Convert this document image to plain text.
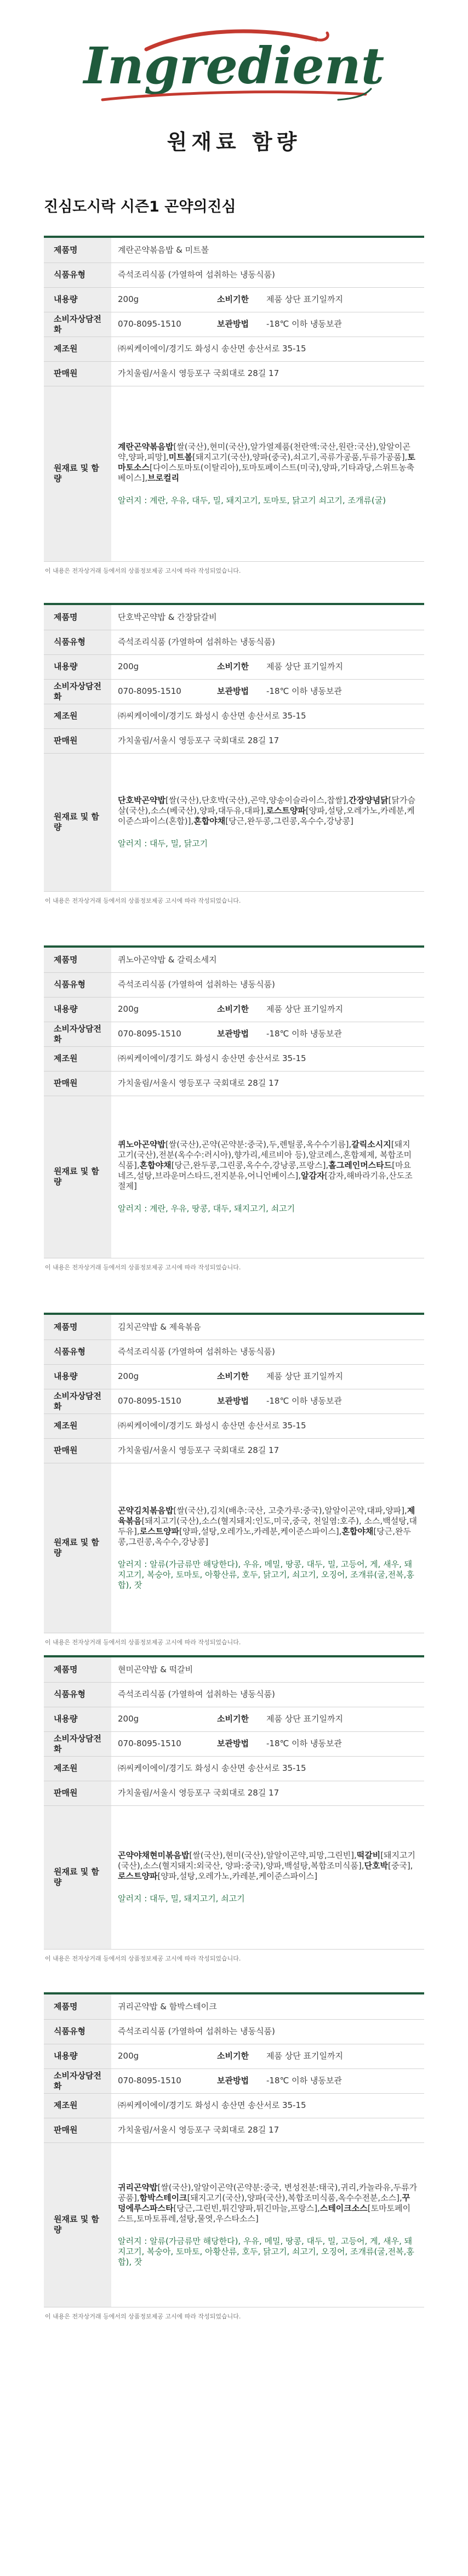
Ingredient
원재료 함량
진심도시락 시즌1 곤약의진심
제품명	계란곤약볶음밥 & 미트볼		
식품유형	즉석조리식품 (가열하여 섭취하는 냉동식품)		
내용량	200g	소비기한	제품 상단 표기일까지
소비자상담전화	070-8095-1510	보관방법	-18℃ 이하 냉동보관
제조원	㈜씨케이에이/경기도 화성시 송산면 송산서로 35-15		
판매원	가치울림/서울시 영등포구 국회대로 28길 17		
원재료 및 함량	계란곤약볶음밥[쌀(국산),현미(국산),알가열제품(천란액:국산,원란:국산),알알이곤약,양파,피망],미트볼[돼지고기(국산),양파(중국),쇠고기,곡류가공품,두류가공품],토마토소스[다이스토마토(이탈리아),토마토페이스트(미국),양파,기타과당,스위트농축베이스],브로컬리
알러지 : 계란, 우유, 대두, 밀, 돼지고기, 토마토, 닭고기 쇠고기, 조개류(굴)		
이 내용은 전자상거래 등에서의 상품정보제공 고시에 따라 작성되었습니다.
제품명	단호박곤약밥 & 간장닭갈비		
식품유형	즉석조리식품 (가열하여 섭취하는 냉동식품)		
내용량	200g	소비기한	제품 상단 표기일까지
소비자상담전화	070-8095-1510	보관방법	-18℃ 이하 냉동보관
제조원	㈜씨케이에이/경기도 화성시 송산면 송산서로 35-15		
판매원	가치울림/서울시 영등포구 국회대로 28길 17		
원재료 및 함량	단호박곤약밥[쌀(국산),단호박(국산),곤약,양송이슬라이스,찹쌀],간장양념닭[닭가슴살(국산),소스(베국산),양파,대두유,대파],로스트양파[양파,설탕,오레가노,카레분,케이준스파이스(혼합)],혼합야채[당근,완두콩,그린콩,옥수수,강낭콩]
알러지 : 대두, 밀, 닭고기		
이 내용은 전자상거래 등에서의 상품정보제공 고시에 따라 작성되었습니다.
제품명	퀴노아곤약밥 & 갈릭소세지		
식품유형	즉석조리식품 (가열하여 섭취하는 냉동식품)		
내용량	200g	소비기한	제품 상단 표기일까지
소비자상담전화	070-8095-1510	보관방법	-18℃ 이하 냉동보관
제조원	㈜씨케이에이/경기도 화성시 송산면 송산서로 35-15		
판매원	가치울림/서울시 영등포구 국회대로 28길 17		
원재료 및 함량	퀴노아곤약밥[쌀(국산),곤약(곤약분:중국),두,렌틸콩,옥수수기름],갈릭소시지[돼지고기(국산),전분(옥수수:러시아),향가리,세르비아 등),알코레스,혼합제제, 복합조미식품],혼합야채[당근,완두콩,그린콩,옥수수,강낭콩,프랑스],홀그레인머스타드[마요네즈,설탕,브라운머스타드,전지분유,어니언베이스],알감자[감자,해바라기유,산도조절제]
알러지 : 계란, 우유, 땅콩, 대두, 돼지고기, 쇠고기		
이 내용은 전자상거래 등에서의 상품정보제공 고시에 따라 작성되었습니다.
제품명	김치곤약밥 & 제육볶음		
식품유형	즉석조리식품 (가열하여 섭취하는 냉동식품)		
내용량	200g	소비기한	제품 상단 표기일까지
소비자상담전화	070-8095-1510	보관방법	-18℃ 이하 냉동보관
제조원	㈜씨케이에이/경기도 화성시 송산면 송산서로 35-15		
판매원	가치울림/서울시 영등포구 국회대로 28길 17		
원재료 및 함량	곤약김치볶음밥[쌀(국산),김치(배추:국산, 고춧가루:중국),알알이곤약,대파,양파],제육볶음[돼지고기(국산),소스(혈지돼지:인도,미국,중국, 천일염:호주), 소스,백설탕,대두유],로스트양파[양파,설탕,오레가노,카레분,케이준스파이스],혼합야채[당근,완두콩,그린콩,옥수수,강낭콩]
알러지 : 알류(가금류만 해당한다), 우유, 메밀, 땅콩, 대두, 밀, 고등어, 게, 새우, 돼지고기, 복숭아, 토마토, 아황산류, 호두, 닭고기, 쇠고기, 오징어, 조개류(굴,전복,홍합), 잣		
이 내용은 전자상거래 등에서의 상품정보제공 고시에 따라 작성되었습니다.
제품명	현미곤약밥 & 떡갈비		
식품유형	즉석조리식품 (가열하여 섭취하는 냉동식품)		
내용량	200g	소비기한	제품 상단 표기일까지
소비자상담전화	070-8095-1510	보관방법	-18℃ 이하 냉동보관
제조원	㈜씨케이에이/경기도 화성시 송산면 송산서로 35-15		
판매원	가치울림/서울시 영등포구 국회대로 28길 17		
원재료 및 함량	곤약야채현미볶음밥[쌀(국산),현미(국산),알알이곤약,피망,그린빈],떡갈비[돼지고기(국산),소스(혈지돼지:외국산, 양파:중국),양파,백설탕,복합조미식품],단호박[중국],로스트양파[양파,설탕,오레가노,카레분,케이준스파이스]
알러지 : 대두, 밀, 돼지고기, 쇠고기		
이 내용은 전자상거래 등에서의 상품정보제공 고시에 따라 작성되었습니다.
제품명	귀리곤약밥 & 함박스테이크		
식품유형	즉석조리식품 (가열하여 섭취하는 냉동식품)		
내용량	200g	소비기한	제품 상단 표기일까지
소비자상담전화	070-8095-1510	보관방법	-18℃ 이하 냉동보관
제조원	㈜씨케이에이/경기도 화성시 송산면 송산서로 35-15		
판매원	가치울림/서울시 영등포구 국회대로 28길 17		
원재료 및 함량	귀리곤약밥[쌀(국산),알알이곤약(곤약분:중국, 변성전분:태국),귀리,카놀라유,두류가공품],함박스테이크[돼지고기(국산),양파(국산),복합조미식품,옥수수전분,소스],꾸덩에루스파스타[당근,그린빈,튀긴양파,튀긴마늘,프랑스],스테이크소스[토마토페이스트,토마토퓨레,설탕,물엿,우스타소스]
알러지 : 알류(가금류만 해당한다), 우유, 메밀, 땅콩, 대두, 밀, 고등어, 게, 새우, 돼지고기, 복숭아, 토마토, 아황산류, 호두, 닭고기, 쇠고기, 오징어, 조개류(굴,전복,홍합), 잣		
이 내용은 전자상거래 등에서의 상품정보제공 고시에 따라 작성되었습니다.
